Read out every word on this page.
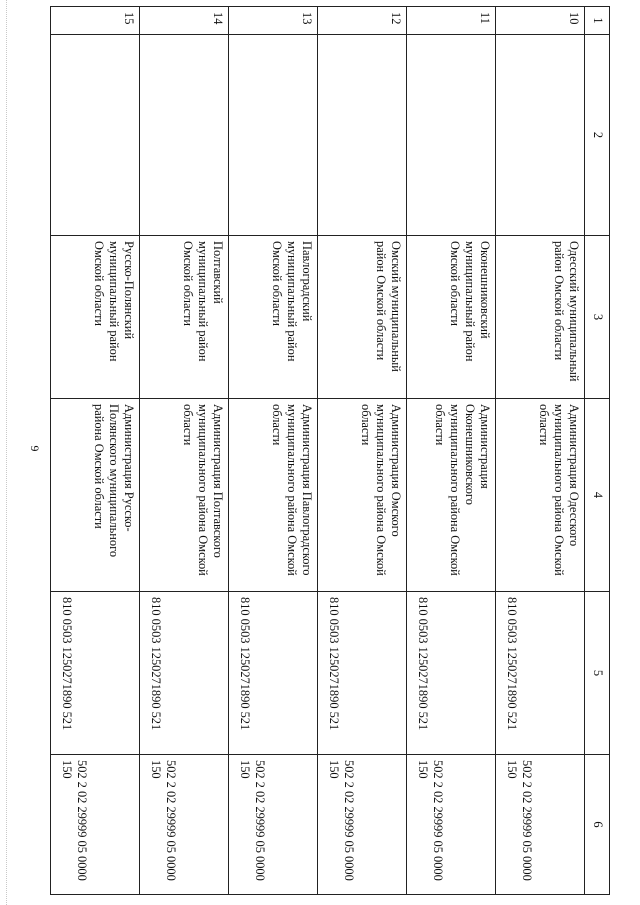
6
1	2	3	4	5	6
10		Одесский муниципальный район Омской области	Администрация Одесского муниципального района Омской области	810 0503 1250271890 521	502 2 02 29999 05 0000 150
11		Оконешниковский муниципальный район Омской области	Администрация Оконешниковского муниципального района Омской области	810 0503 1250271890 521	502 2 02 29999 05 0000 150
12		Омский муниципальный район Омской области	Администрация Омского муниципального района Омской области	810 0503 1250271890 521	502 2 02 29999 05 0000 150
13		Павлоградский муниципальный район Омской области	Администрация Павлоградского муниципального района Омской области	810 0503 1250271890 521	502 2 02 29999 05 0000 150
14		Полтавский муниципальный район Омской области	Администрация Полтавского муниципального района Омской области	810 0503 1250271890 521	502 2 02 29999 05 0000 150
15		Русско-Полянский муниципальный район Омской области	Администрация Русско-Полянского муниципального района Омской области	810 0503 1250271890 521	502 2 02 29999 05 0000 150
